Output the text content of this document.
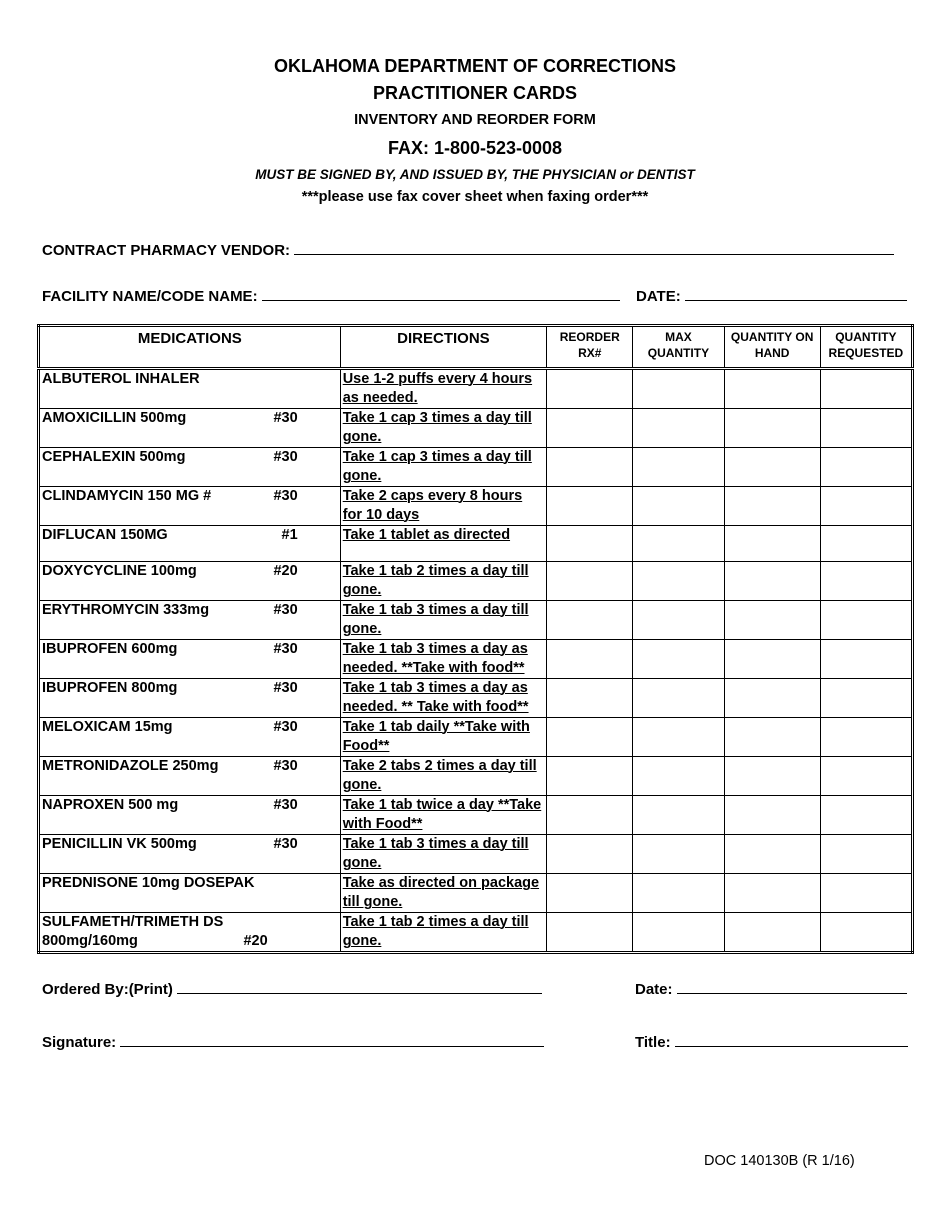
OKLAHOMA DEPARTMENT OF CORRECTIONS
PRACTITIONER CARDS
INVENTORY AND REORDER FORM
FAX: 1-800-523-0008
MUST BE SIGNED BY, AND ISSUED BY, THE PHYSICIAN or DENTIST
***please use fax cover sheet when faxing order***
CONTRACT PHARMACY VENDOR:
FACILITY NAME/CODE NAME:	DATE:
MEDICATIONS	DIRECTIONS	REORDER RX#	MAX QUANTITY	QUANTITY ON HAND	QUANTITY REQUESTED

ALBUTEROL INHALER	Use 1-2 puffs every 4 hours as needed.				

AMOXICILLIN 500mg #30	Take 1 cap 3 times a day till gone.				

CEPHALEXIN 500mg #30	Take 1 cap 3 times a day till gone.				

CLINDAMYCIN 150 MG # #30	Take 2 caps every 8 hours for 10 days				

DIFLUCAN 150MG #1	Take 1 tablet as directed				

DOXYCYCLINE 100mg #20	Take 1 tab 2 times a day till gone.				

ERYTHROMYCIN 333mg #30	Take 1 tab 3 times a day till gone.				

IBUPROFEN 600mg #30	Take 1 tab 3 times a day as needed. **Take with food**				

IBUPROFEN 800mg #30	Take 1 tab 3 times a day as needed. ** Take with food**				

MELOXICAM 15mg #30	Take 1 tab daily **Take with Food**				

METRONIDAZOLE 250mg #30	Take 2 tabs 2 times a day till gone.				

NAPROXEN 500 mg #30	Take 1 tab twice a day **Take with Food**				

PENICILLIN VK 500mg #30	Take 1 tab 3 times a day till gone.				

PREDNISONE 10mg DOSEPAK	Take as directed on package till gone.				

SULFAMETH/TRIMETH DS
800mg/160mg #20	Take 1 tab 2 times a day till gone.				

Ordered By:(Print)	Date:
Signature:	Title:
DOC 140130B (R 1/16)
